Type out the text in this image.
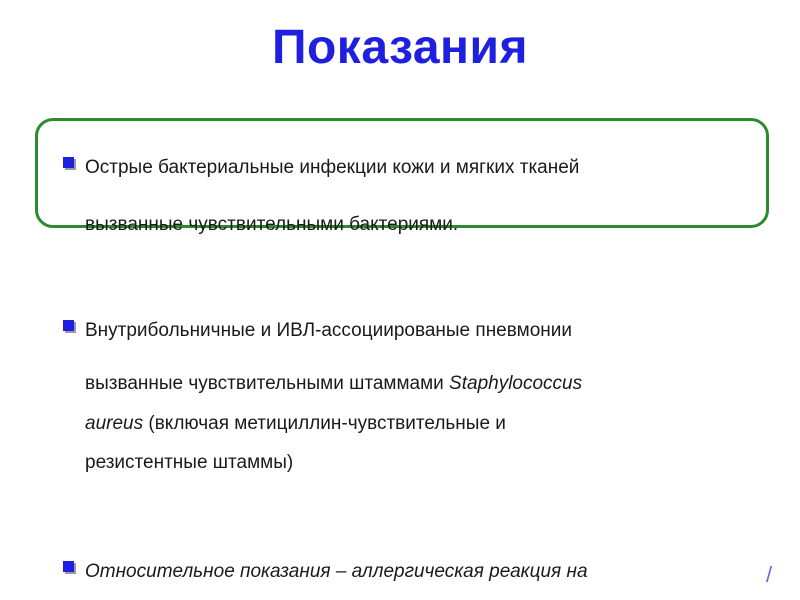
Показания
Острые бактериальные инфекции кожи и мягких тканей
вызванные чувствительными бактериями.
Внутрибольничные и ИВЛ-ассоциированые пневмонии
вызванные чувствительными штаммами Staphylococcus
aureus (включая метициллин-чувствительные и
резистентные штаммы)
Относительное показания – аллергическая реакция на	/
